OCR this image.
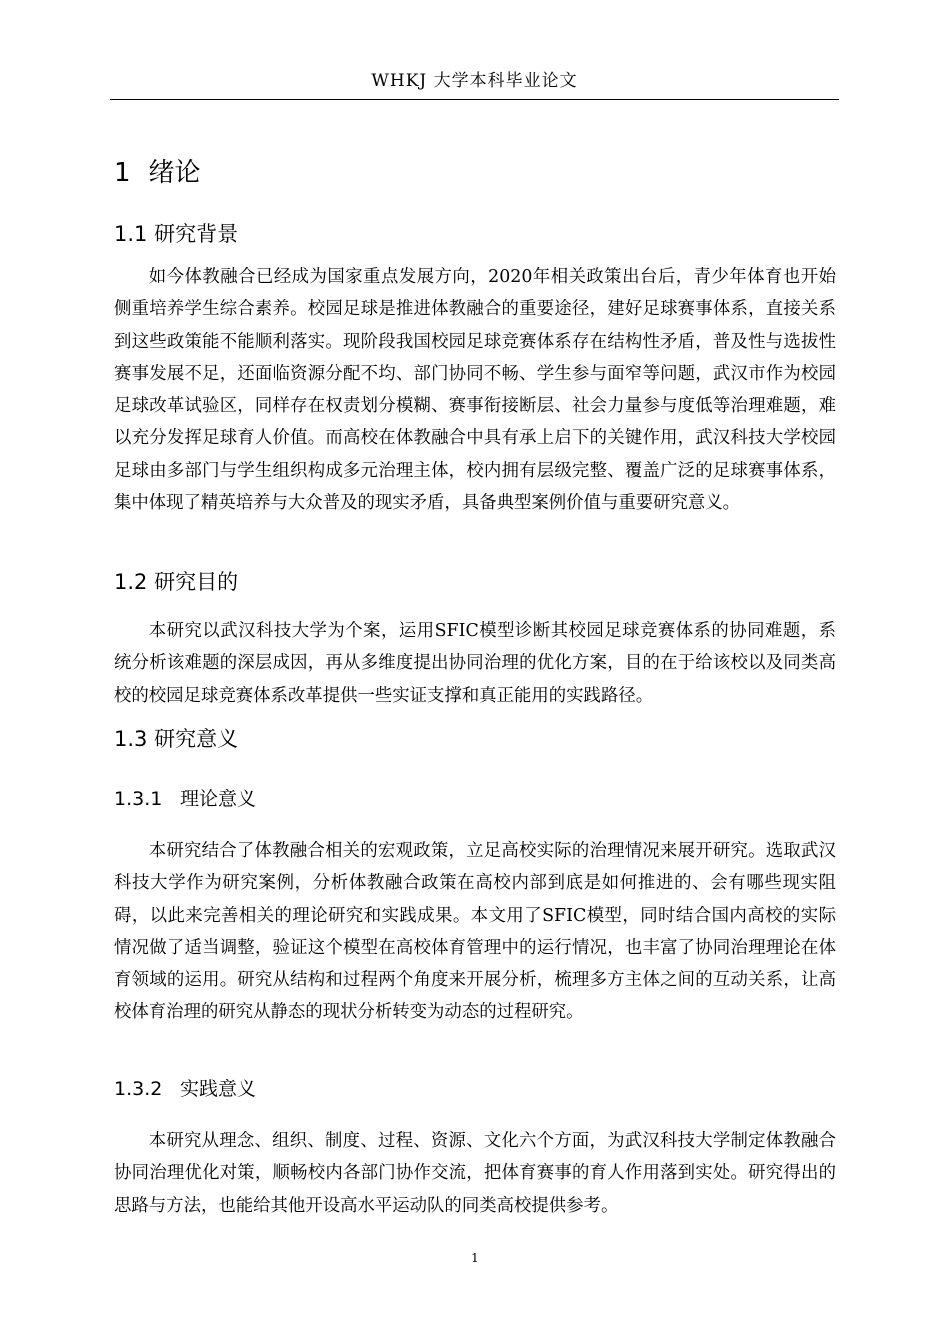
WHKJ 大学本科毕业论文
1 绪论
1.1 研究背景
如今体教融合已经成为国家重点发展方向，2020年相关政策出台后，青少年体育也开始侧重培养学生综合素养。校园足球是推进体教融合的重要途径，建好足球赛事体系，直接关系到这些政策能不能顺利落实。现阶段我国校园足球竞赛体系存在结构性矛盾，普及性与选拔性赛事发展不足，还面临资源分配不均、部门协同不畅、学生参与面窄等问题，武汉市作为校园足球改革试验区，同样存在权责划分模糊、赛事衔接断层、社会力量参与度低等治理难题，难以充分发挥足球育人价值。而高校在体教融合中具有承上启下的关键作用，武汉科技大学校园足球由多部门与学生组织构成多元治理主体，校内拥有层级完整、覆盖广泛的足球赛事体系，集中体现了精英培养与大众普及的现实矛盾，具备典型案例价值与重要研究意义。
1.2 研究目的
本研究以武汉科技大学为个案，运用SFIC模型诊断其校园足球竞赛体系的协同难题，系统分析该难题的深层成因，再从多维度提出协同治理的优化方案，目的在于给该校以及同类高校的校园足球竞赛体系改革提供一些实证支撑和真正能用的实践路径。
1.3 研究意义
1.3.1 理论意义
本研究结合了体教融合相关的宏观政策，立足高校实际的治理情况来展开研究。选取武汉科技大学作为研究案例，分析体教融合政策在高校内部到底是如何推进的、会有哪些现实阻碍，以此来完善相关的理论研究和实践成果。本文用了SFIC模型，同时结合国内高校的实际情况做了适当调整，验证这个模型在高校体育管理中的运行情况，也丰富了协同治理理论在体育领域的运用。研究从结构和过程两个角度来开展分析，梳理多方主体之间的互动关系，让高校体育治理的研究从静态的现状分析转变为动态的过程研究。
1.3.2 实践意义
本研究从理念、组织、制度、过程、资源、文化六个方面，为武汉科技大学制定体教融合协同治理优化对策，顺畅校内各部门协作交流，把体育赛事的育人作用落到实处。研究得出的思路与方法，也能给其他开设高水平运动队的同类高校提供参考。
1
